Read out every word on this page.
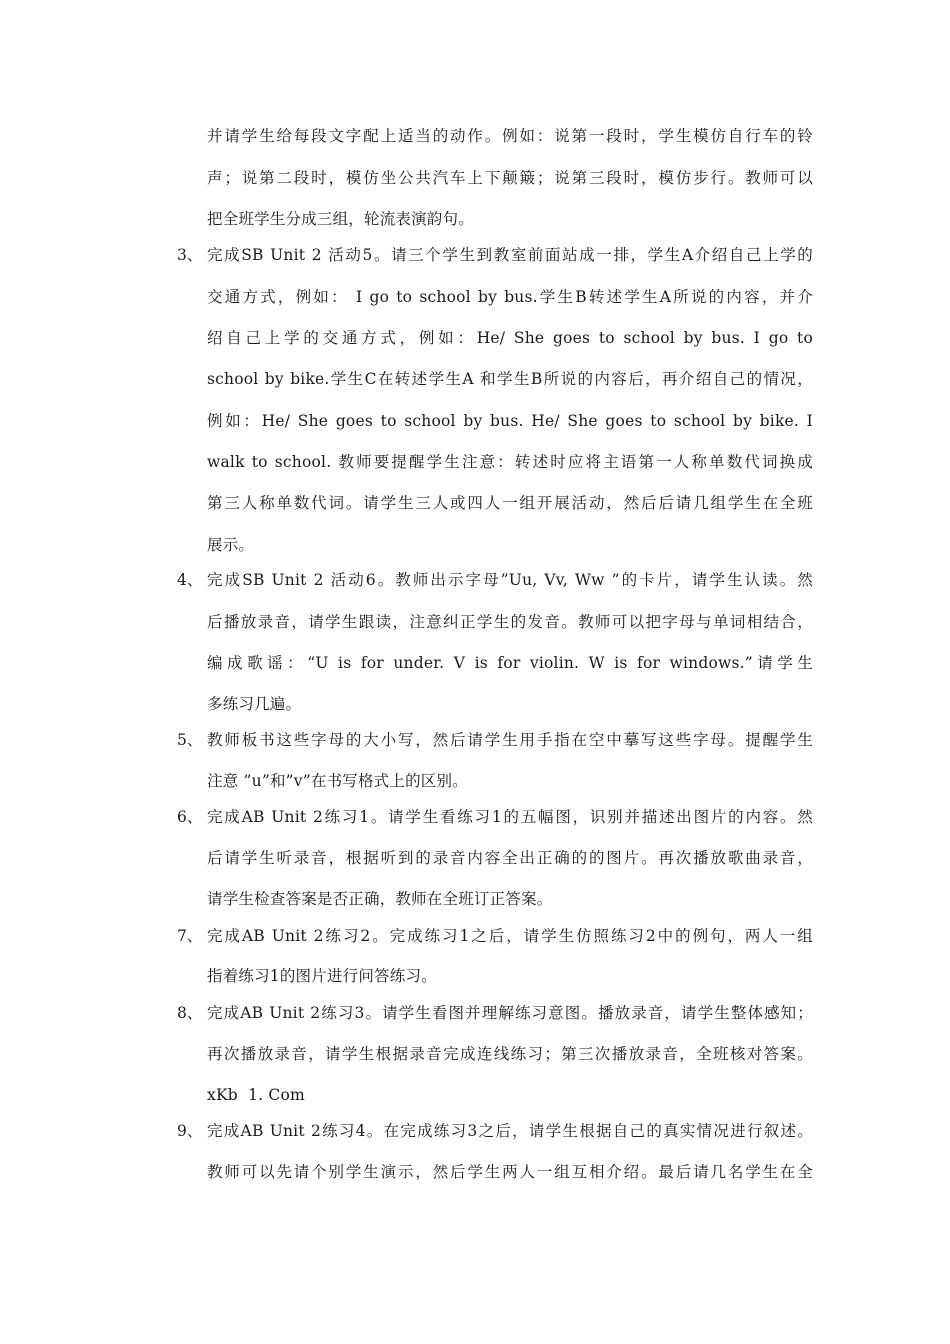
并请学生给每段文字配上适当的动作。例如：说第一段时，学生模仿自行车的铃
声；说第二段时，模仿坐公共汽车上下颠簸；说第三段时，模仿步行。教师可以
把全班学生分成三组，轮流表演韵句。
3、 完成SB Unit 2 活动5。请三个学生到教室前面站成一排，学生A介绍自己上学的
交通方式，例如： I go to school by bus.学生B转述学生A所说的内容，并介
绍自己上学的交通方式，例如：He/ She goes to school by bus. I go to
school by bike.学生C在转述学生A 和学生B所说的内容后，再介绍自己的情况，
例如：He/ She goes to school by bus. He/ She goes to school by bike. I
walk to school. 教师要提醒学生注意：转述时应将主语第一人称单数代词换成
第三人称单数代词。请学生三人或四人一组开展活动，然后后请几组学生在全班
展示。
4、 完成SB Unit 2 活动6。教师出示字母”Uu, Vv, Ww ”的卡片，请学生认读。然
后播放录音，请学生跟读，注意纠正学生的发音。教师可以把字母与单词相结合，
编成歌谣：“U is for under. V is for violin. W is for windows.”请学生
多练习几遍。
5、 教师板书这些字母的大小写，然后请学生用手指在空中摹写这些字母。提醒学生
注意 ”u”和”v”在书写格式上的区别。
6、 完成AB Unit 2练习1。请学生看练习1的五幅图，识别并描述出图片的内容。然
后请学生听录音，根据听到的录音内容全出正确的的图片。再次播放歌曲录音，
请学生检查答案是否正确，教师在全班订正答案。
7、 完成AB Unit 2练习2。完成练习1之后，请学生仿照练习2中的例句，两人一组
指着练习1的图片进行问答练习。
8、 完成AB Unit 2练习3。请学生看图并理解练习意图。播放录音，请学生整体感知；
再次播放录音，请学生根据录音完成连线练习；第三次播放录音，全班核对答案。
xKb  1. Com
9、 完成AB Unit 2练习4。在完成练习3之后，请学生根据自己的真实情况进行叙述。
教师可以先请个别学生演示，然后学生两人一组互相介绍。最后请几名学生在全
